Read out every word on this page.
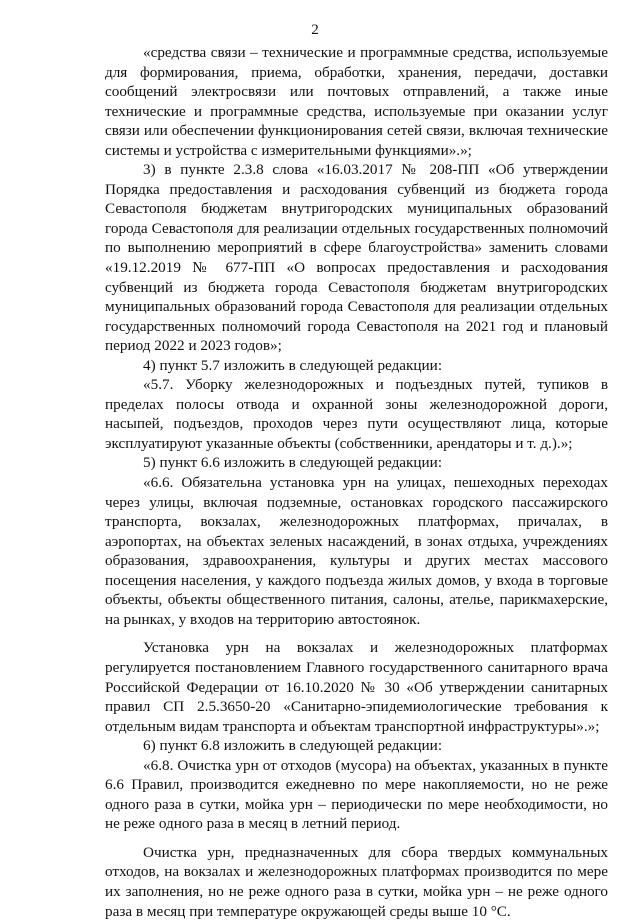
2

«средства связи – технические и программные средства, используемые для формирования, приема, обработки, хранения, передачи, доставки сообщений электросвязи или почтовых отправлений, а также иные технические и программные средства, используемые при оказании услуг связи или обеспечении функционирования сетей связи, включая технические системы и устройства с измерительными функциями».»;

3) в пункте 2.3.8 слова «16.03.2017 № 208-ПП «Об утверждении Порядка предоставления и расходования субвенций из бюджета города Севастополя бюджетам внутригородских муниципальных образований города Севастополя для реализации отдельных государственных полномочий по выполнению мероприятий в сфере благоустройства» заменить словами «19.12.2019 № 677-ПП «О вопросах предоставления и расходования субвенций из бюджета города Севастополя бюджетам внутригородских муниципальных образований города Севастополя для реализации отдельных государственных полномочий города Севастополя на 2021 год и плановый период 2022 и 2023 годов»;

4) пункт 5.7 изложить в следующей редакции:

«5.7. Уборку железнодорожных и подъездных путей, тупиков в пределах полосы отвода и охранной зоны железнодорожной дороги, насыпей, подъездов, проходов через пути осуществляют лица, которые эксплуатируют указанные объекты (собственники, арендаторы и т. д.).»;

5) пункт 6.6 изложить в следующей редакции:

«6.6. Обязательна установка урн на улицах, пешеходных переходах через улицы, включая подземные, остановках городского пассажирского транспорта, вокзалах, железнодорожных платформах, причалах, в аэропортах, на объектах зеленых насаждений, в зонах отдыха, учреждениях образования, здравоохранения, культуры и других местах массового посещения населения, у каждого подъезда жилых домов, у входа в торговые объекты, объекты общественного питания, салоны, ателье, парикмахерские, на рынках, у входов на территорию автостоянок.

Установка урн на вокзалах и железнодорожных платформах регулируется постановлением Главного государственного санитарного врача Российской Федерации от 16.10.2020 № 30 «Об утверждении санитарных правил СП 2.5.3650-20 «Санитарно-эпидемиологические требования к отдельным видам транспорта и объектам транспортной инфраструктуры».»;

6) пункт 6.8 изложить в следующей редакции:

«6.8. Очистка урн от отходов (мусора) на объектах, указанных в пункте 6.6 Правил, производится ежедневно по мере накопляемости, но не реже одного раза в сутки, мойка урн – периодически по мере необходимости, но не реже одного раза в месяц в летний период.

Очистка урн, предназначенных для сбора твердых коммунальных отходов, на вокзалах и железнодорожных платформах производится по мере их заполнения, но не реже одного раза в сутки, мойка урн – не реже одного раза в месяц при температуре окружающей среды выше 10 °С.
